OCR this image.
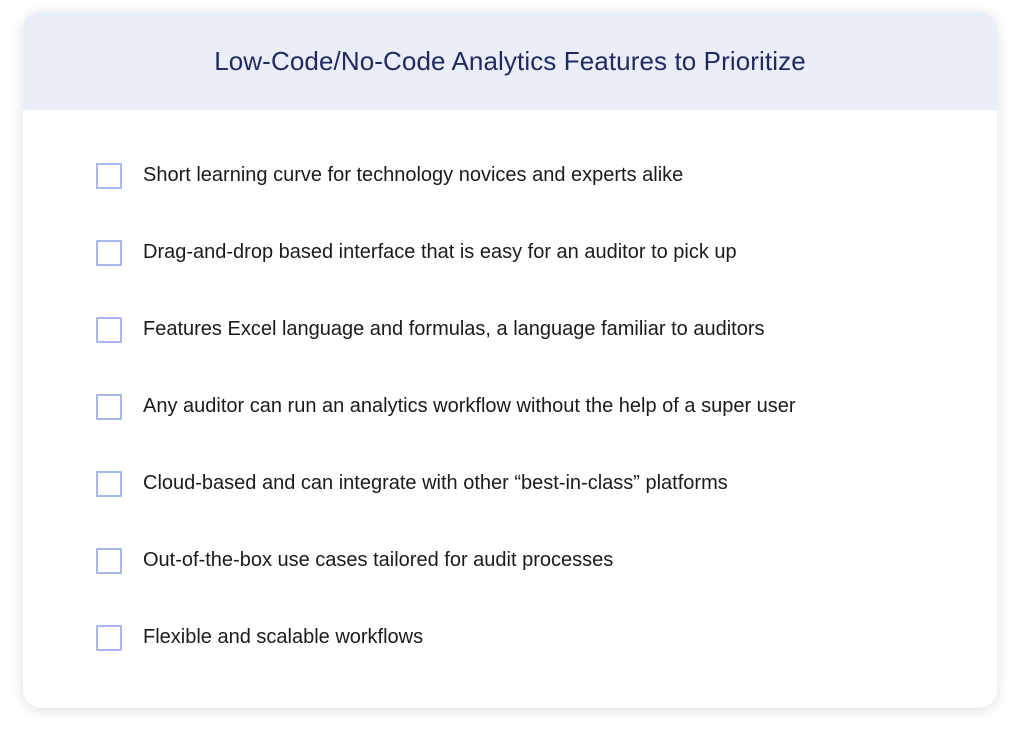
Low-Code/No-Code Analytics Features to Prioritize
Short learning curve for technology novices and experts alike
Drag-and-drop based interface that is easy for an auditor to pick up
Features Excel language and formulas, a language familiar to auditors
Any auditor can run an analytics workflow without the help of a super user
Cloud-based and can integrate with other “best-in-class” platforms
Out-of-the-box use cases tailored for audit processes
Flexible and scalable workflows
